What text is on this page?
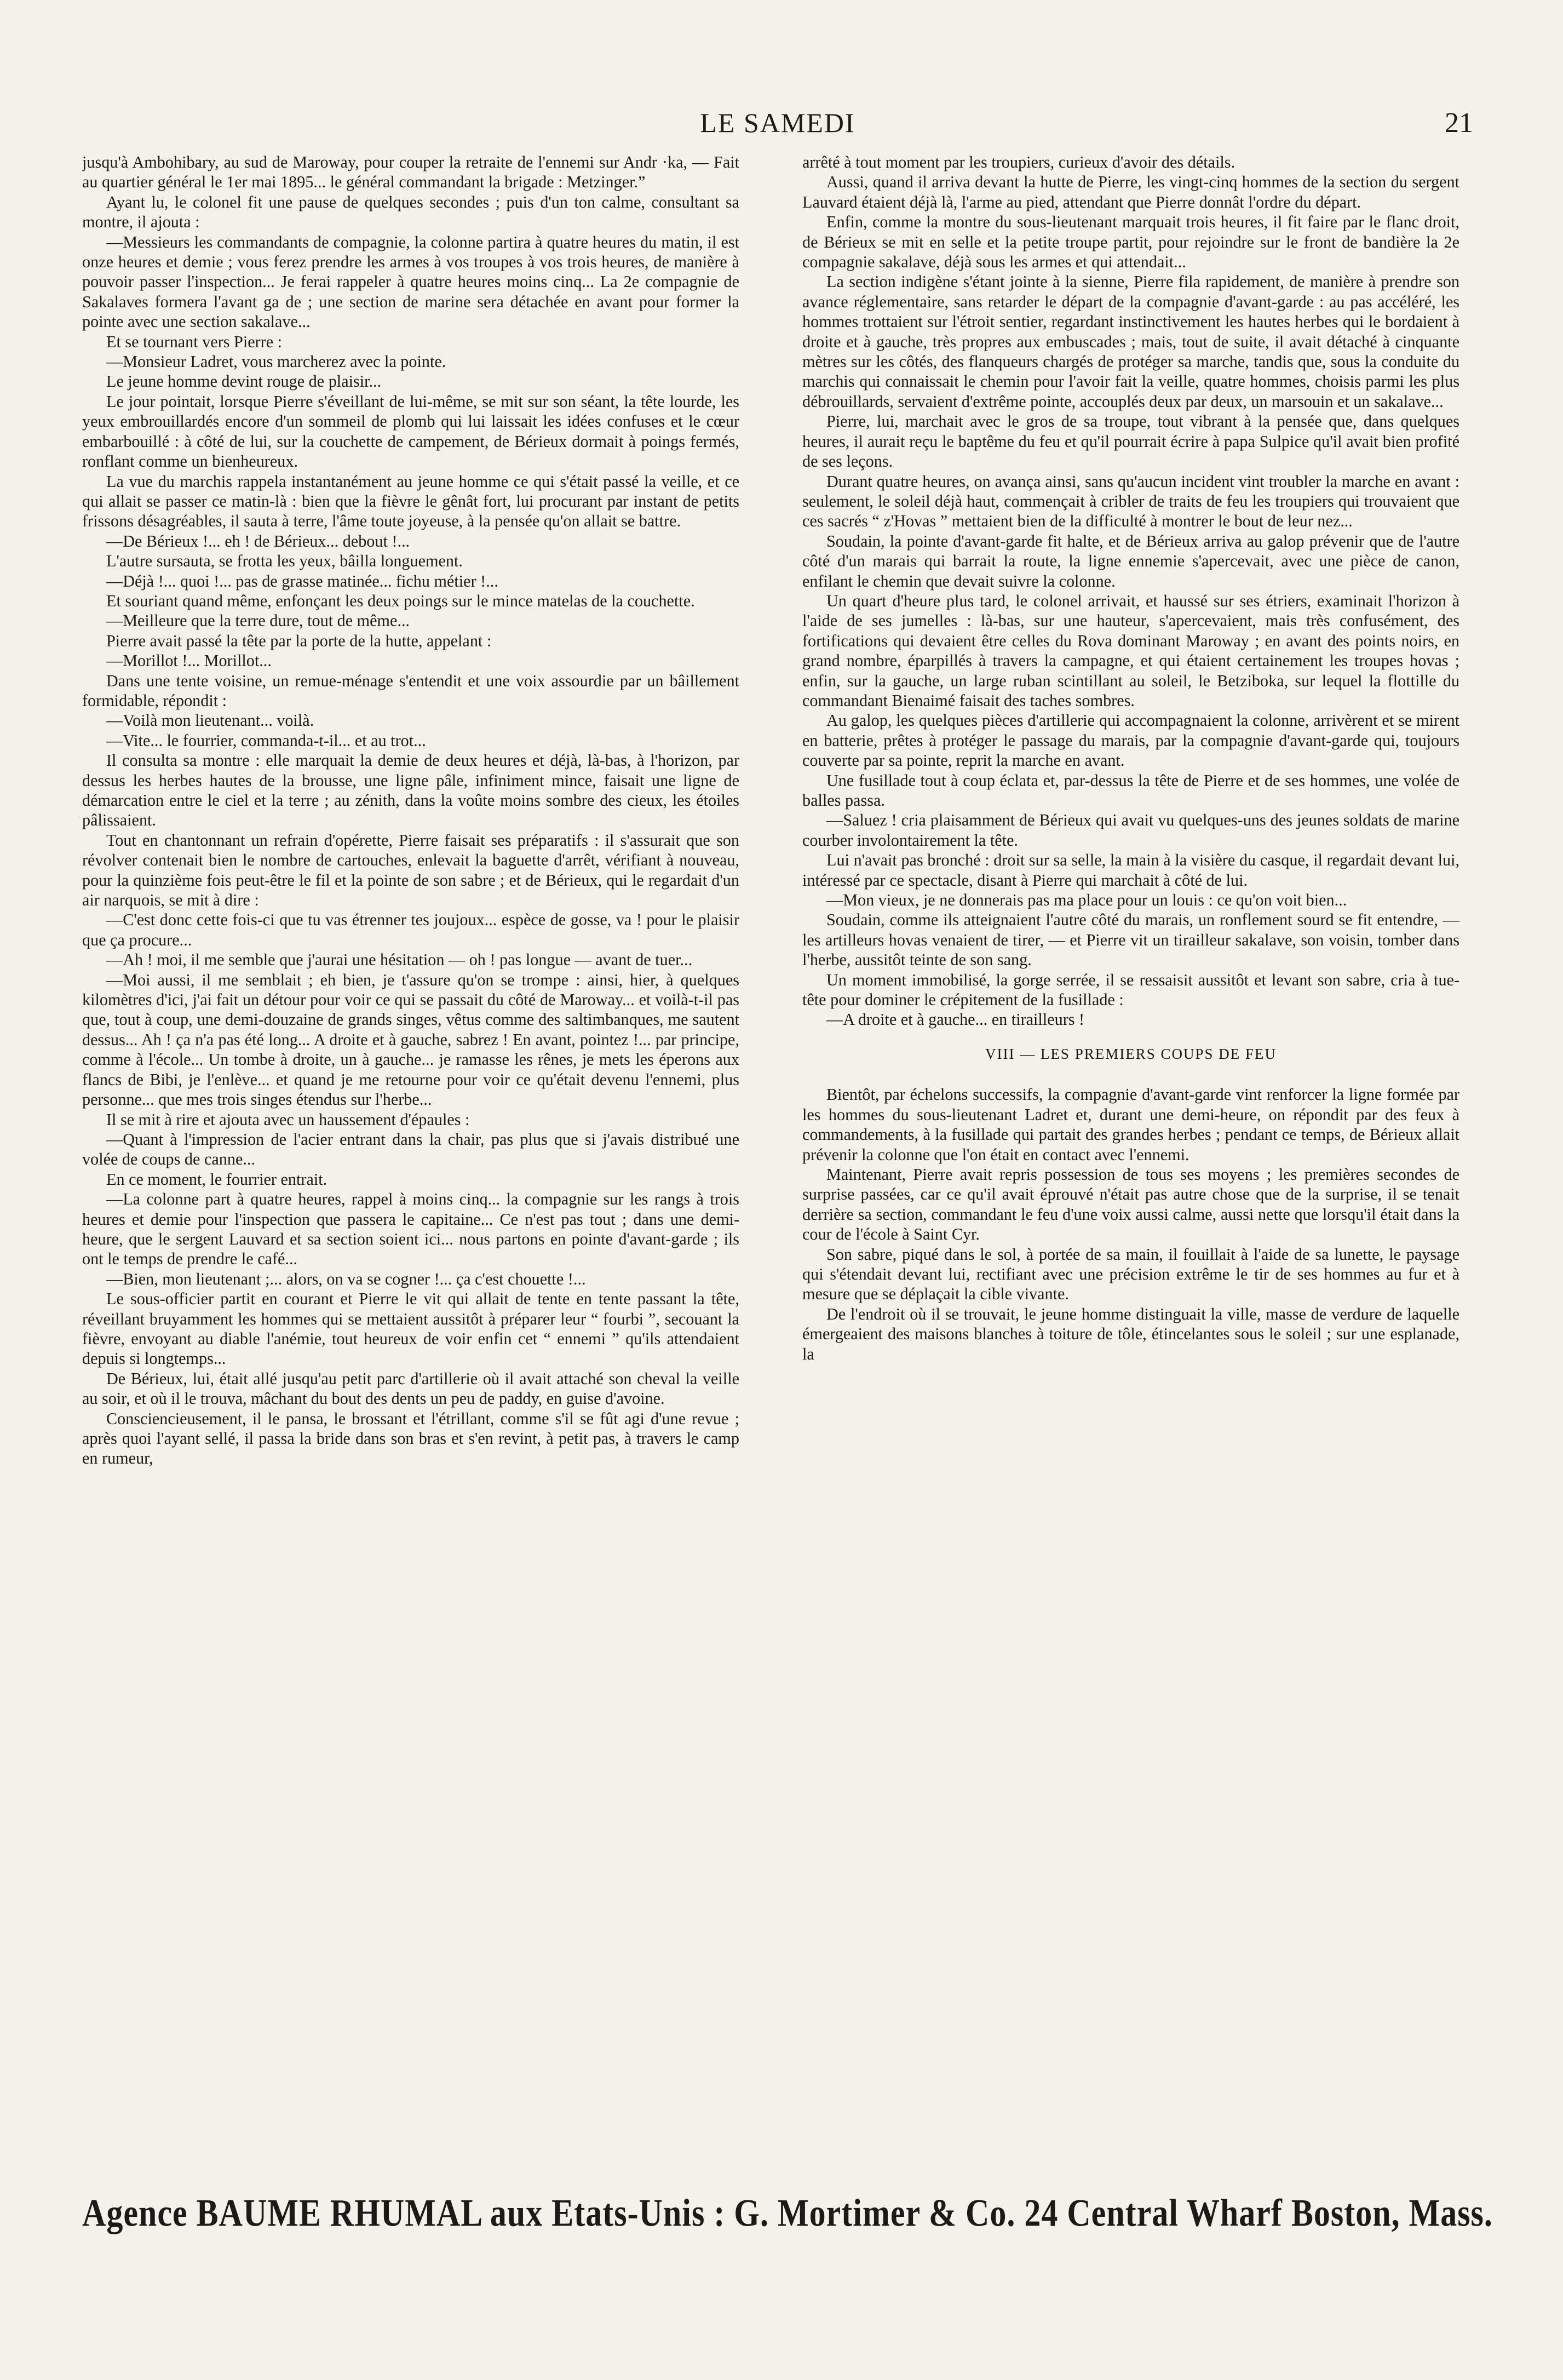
LE SAMEDI	21

jusqu'à Ambohibary, au sud de Maroway, pour couper la retraite de l'ennemi sur Andr ·ka, — Fait au quartier général le 1er mai 1895... le général commandant la brigade : Metzinger.”

Ayant lu, le colonel fit une pause de quelques secondes ; puis d'un ton calme, consultant sa montre, il ajouta :

—Messieurs les commandants de compagnie, la colonne partira à quatre heures du matin, il est onze heures et demie ; vous ferez prendre les armes à vos troupes à vos trois heures, de manière à pouvoir passer l'inspection... Je ferai rappeler à quatre heures moins cinq... La 2e compagnie de Sakalaves formera l'avant ga de ; une section de marine sera détachée en avant pour former la pointe avec une section sakalave...

Et se tournant vers Pierre :

—Monsieur Ladret, vous marcherez avec la pointe.

Le jeune homme devint rouge de plaisir...

Le jour pointait, lorsque Pierre s'éveillant de lui-même, se mit sur son séant, la tête lourde, les yeux embrouillardés encore d'un sommeil de plomb qui lui laissait les idées confuses et le cœur embarbouillé : à côté de lui, sur la couchette de campement, de Bérieux dormait à poings fermés, ronflant comme un bienheureux.

La vue du marchis rappela instantanément au jeune homme ce qui s'était passé la veille, et ce qui allait se passer ce matin-là : bien que la fièvre le gênât fort, lui procurant par instant de petits frissons désagréables, il sauta à terre, l'âme toute joyeuse, à la pensée qu'on allait se battre.

—De Bérieux !... eh ! de Bérieux... debout !...

L'autre sursauta, se frotta les yeux, bâilla longuement.

—Déjà !... quoi !... pas de grasse matinée... fichu métier !...

Et souriant quand même, enfonçant les deux poings sur le mince matelas de la couchette.

—Meilleure que la terre dure, tout de même...

Pierre avait passé la tête par la porte de la hutte, appelant :

—Morillot !... Morillot...

Dans une tente voisine, un remue-ménage s'entendit et une voix assourdie par un bâillement formidable, répondit :

—Voilà mon lieutenant... voilà.

—Vite... le fourrier, commanda-t-il... et au trot...

Il consulta sa montre : elle marquait la demie de deux heures et déjà, là-bas, à l'horizon, par dessus les herbes hautes de la brousse, une ligne pâle, infiniment mince, faisait une ligne de démarcation entre le ciel et la terre ; au zénith, dans la voûte moins sombre des cieux, les étoiles pâlissaient.

Tout en chantonnant un refrain d'opérette, Pierre faisait ses préparatifs : il s'assurait que son révolver contenait bien le nombre de cartouches, enlevait la baguette d'arrêt, vérifiant à nouveau, pour la quinzième fois peut-être le fil et la pointe de son sabre ; et de Bérieux, qui le regardait d'un air narquois, se mit à dire :

—C'est donc cette fois-ci que tu vas étrenner tes joujoux... espèce de gosse, va ! pour le plaisir que ça procure...

—Ah ! moi, il me semble que j'aurai une hésitation — oh ! pas longue — avant de tuer...

—Moi aussi, il me semblait ; eh bien, je t'assure qu'on se trompe : ainsi, hier, à quelques kilomètres d'ici, j'ai fait un détour pour voir ce qui se passait du côté de Maroway... et voilà-t-il pas que, tout à coup, une demi-douzaine de grands singes, vêtus comme des saltimbanques, me sautent dessus... Ah ! ça n'a pas été long... A droite et à gauche, sabrez ! En avant, pointez !... par principe, comme à l'école... Un tombe à droite, un à gauche... je ramasse les rênes, je mets les éperons aux flancs de Bibi, je l'enlève... et quand je me retourne pour voir ce qu'était devenu l'ennemi, plus personne... que mes trois singes étendus sur l'herbe...

Il se mit à rire et ajouta avec un haussement d'épaules :

—Quant à l'impression de l'acier entrant dans la chair, pas plus que si j'avais distribué une volée de coups de canne...

En ce moment, le fourrier entrait.

—La colonne part à quatre heures, rappel à moins cinq... la compagnie sur les rangs à trois heures et demie pour l'inspection que passera le capitaine... Ce n'est pas tout ; dans une demi-heure, que le sergent Lauvard et sa section soient ici... nous partons en pointe d'avant-garde ; ils ont le temps de prendre le café...

—Bien, mon lieutenant ;... alors, on va se cogner !... ça c'est chouette !...

Le sous-officier partit en courant et Pierre le vit qui allait de tente en tente passant la tête, réveillant bruyamment les hommes qui se mettaient aussitôt à préparer leur “ fourbi ”, secouant la fièvre, envoyant au diable l'anémie, tout heureux de voir enfin cet “ ennemi ” qu'ils attendaient depuis si longtemps...

De Bérieux, lui, était allé jusqu'au petit parc d'artillerie où il avait attaché son cheval la veille au soir, et où il le trouva, mâchant du bout des dents un peu de paddy, en guise d'avoine.

Consciencieusement, il le pansa, le brossant et l'étrillant, comme s'il se fût agi d'une revue ; après quoi l'ayant sellé, il passa la bride dans son bras et s'en revint, à petit pas, à travers le camp en rumeur,

arrêté à tout moment par les troupiers, curieux d'avoir des détails.

Aussi, quand il arriva devant la hutte de Pierre, les vingt-cinq hommes de la section du sergent Lauvard étaient déjà là, l'arme au pied, attendant que Pierre donnât l'ordre du départ.

Enfin, comme la montre du sous-lieutenant marquait trois heures, il fit faire par le flanc droit, de Bérieux se mit en selle et la petite troupe partit, pour rejoindre sur le front de bandière la 2e compagnie sakalave, déjà sous les armes et qui attendait...

La section indigène s'étant jointe à la sienne, Pierre fila rapidement, de manière à prendre son avance réglementaire, sans retarder le départ de la compagnie d'avant-garde : au pas accéléré, les hommes trottaient sur l'étroit sentier, regardant instinctivement les hautes herbes qui le bordaient à droite et à gauche, très propres aux embuscades ; mais, tout de suite, il avait détaché à cinquante mètres sur les côtés, des flanqueurs chargés de protéger sa marche, tandis que, sous la conduite du marchis qui connaissait le chemin pour l'avoir fait la veille, quatre hommes, choisis parmi les plus débrouillards, servaient d'extrême pointe, accouplés deux par deux, un marsouin et un sakalave...

Pierre, lui, marchait avec le gros de sa troupe, tout vibrant à la pensée que, dans quelques heures, il aurait reçu le baptême du feu et qu'il pourrait écrire à papa Sulpice qu'il avait bien profité de ses leçons.

Durant quatre heures, on avança ainsi, sans qu'aucun incident vint troubler la marche en avant : seulement, le soleil déjà haut, commençait à cribler de traits de feu les troupiers qui trouvaient que ces sacrés “ z'Hovas ” mettaient bien de la difficulté à montrer le bout de leur nez...

Soudain, la pointe d'avant-garde fit halte, et de Bérieux arriva au galop prévenir que de l'autre côté d'un marais qui barrait la route, la ligne ennemie s'apercevait, avec une pièce de canon, enfilant le chemin que devait suivre la colonne.

Un quart d'heure plus tard, le colonel arrivait, et haussé sur ses étriers, examinait l'horizon à l'aide de ses jumelles : là-bas, sur une hauteur, s'apercevaient, mais très confusément, des fortifications qui devaient être celles du Rova dominant Maroway ; en avant des points noirs, en grand nombre, éparpillés à travers la campagne, et qui étaient certainement les troupes hovas ; enfin, sur la gauche, un large ruban scintillant au soleil, le Betziboka, sur lequel la flottille du commandant Bienaimé faisait des taches sombres.

Au galop, les quelques pièces d'artillerie qui accompagnaient la colonne, arrivèrent et se mirent en batterie, prêtes à protéger le passage du marais, par la compagnie d'avant-garde qui, toujours couverte par sa pointe, reprit la marche en avant.

Une fusillade tout à coup éclata et, par-dessus la tête de Pierre et de ses hommes, une volée de balles passa.

—Saluez ! cria plaisamment de Bérieux qui avait vu quelques-uns des jeunes soldats de marine courber involontairement la tête.

Lui n'avait pas bronché : droit sur sa selle, la main à la visière du casque, il regardait devant lui, intéressé par ce spectacle, disant à Pierre qui marchait à côté de lui.

—Mon vieux, je ne donnerais pas ma place pour un louis : ce qu'on voit bien...

Soudain, comme ils atteignaient l'autre côté du marais, un ronflement sourd se fit entendre, — les artilleurs hovas venaient de tirer, — et Pierre vit un tirailleur sakalave, son voisin, tomber dans l'herbe, aussitôt teinte de son sang.

Un moment immobilisé, la gorge serrée, il se ressaisit aussitôt et levant son sabre, cria à tue-tête pour dominer le crépitement de la fusillade :

—A droite et à gauche... en tirailleurs !

VIII — LES PREMIERS COUPS DE FEU

Bientôt, par échelons successifs, la compagnie d'avant-garde vint renforcer la ligne formée par les hommes du sous-lieutenant Ladret et, durant une demi-heure, on répondit par des feux à commandements, à la fusillade qui partait des grandes herbes ; pendant ce temps, de Bérieux allait prévenir la colonne que l'on était en contact avec l'ennemi.

Maintenant, Pierre avait repris possession de tous ses moyens ; les premières secondes de surprise passées, car ce qu'il avait éprouvé n'était pas autre chose que de la surprise, il se tenait derrière sa section, commandant le feu d'une voix aussi calme, aussi nette que lorsqu'il était dans la cour de l'école à Saint Cyr.

Son sabre, piqué dans le sol, à portée de sa main, il fouillait à l'aide de sa lunette, le paysage qui s'étendait devant lui, rectifiant avec une précision extrême le tir de ses hommes au fur et à mesure que se déplaçait la cible vivante.

De l'endroit où il se trouvait, le jeune homme distinguait la ville, masse de verdure de laquelle émergeaient des maisons blanches à toiture de tôle, étincelantes sous le soleil ; sur une esplanade, la

Agence BAUME RHUMAL aux Etats-Unis : G. Mortimer & Co. 24 Central Wharf Boston, Mass.
